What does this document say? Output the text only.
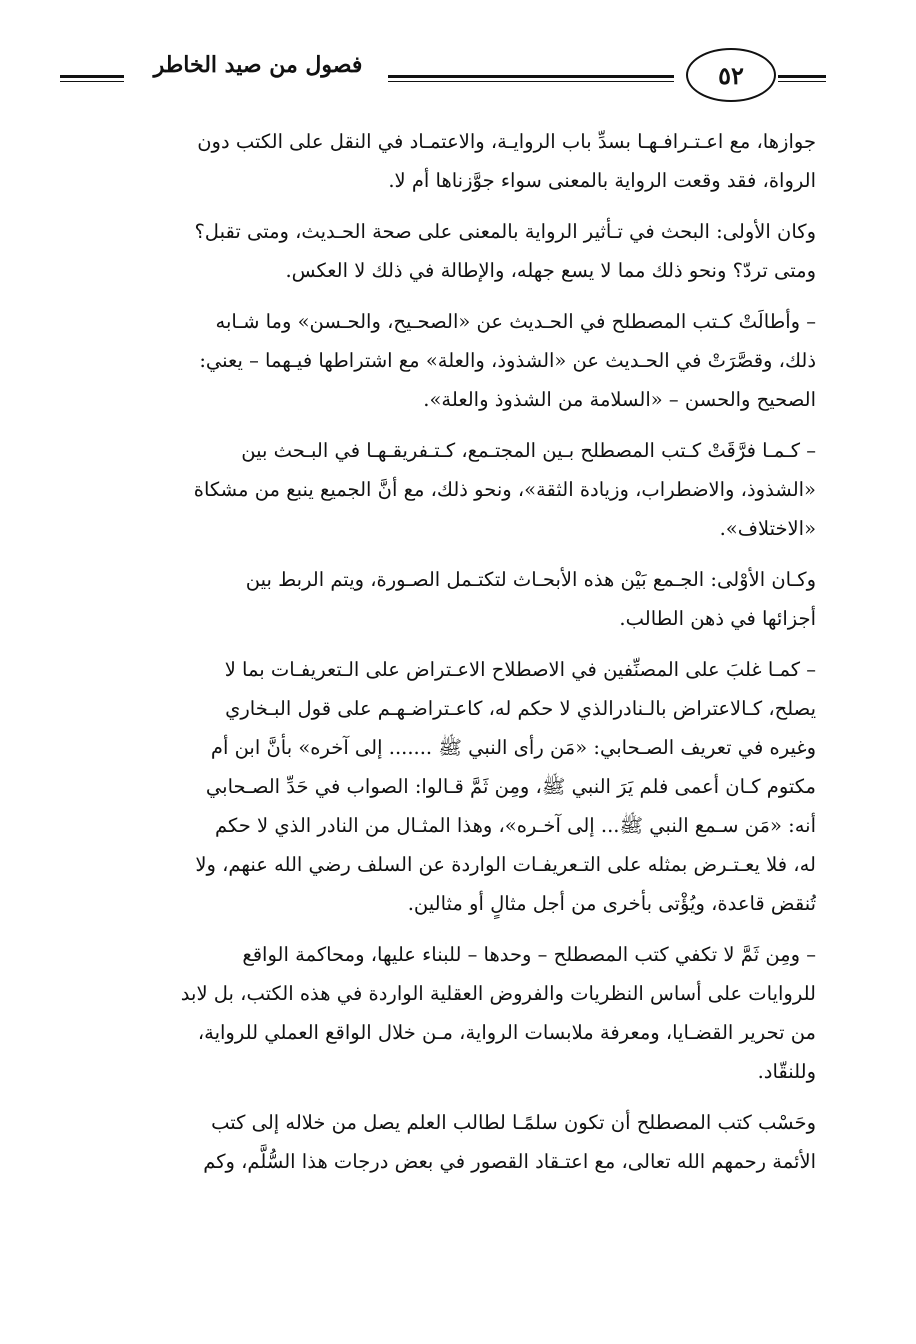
فصول من صيد الخاطر	٥٢

جوازها، مع اعـتـرافـهـا بسدِّ باب الروايـة، والاعتمـاد في النقل على الكتب دون
الرواة، فقد وقعت الرواية بالمعنى سواء جوَّزناها أم لا.

وكان الأولى: البحث في تـأثير الرواية بالمعنى على صحة الحـديث، ومتى تقبل؟
ومتى تردّ؟ ونحو ذلك مما لا يسع جهله، والإطالة في ذلك لا العكس.

– وأطالَتْ كـتب المصطلح في الحـديث عن «الصحـيح، والحـسن» وما شـابه
ذلك، وقصَّرَتْ في الحـديث عن «الشذوذ، والعلة» مع اشتراطها فيـهما – يعني:
الصحيح والحسن – «السلامة من الشذوذ والعلة».

– كـمـا فرَّقَتْ كـتب المصطلح بـين المجتـمع، كـتـفريقـهـا في البـحث بين
«الشذوذ، والاضطراب، وزيادة الثقة»، ونحو ذلك، مع أنَّ الجميع ينبع من مشكاة
«الاختلاف».

وكـان الأوْلى: الجـمع بَيْن هذه الأبحـاث لتكتـمل الصـورة، ويتم الربط بين
أجزائها في ذهن الطالب.

– كمـا غلبَ على المصنِّفين في الاصطلاح الاعـتراض على الـتعريفـات بما لا
يصلح، كـالاعتراض بالـنادرالذي لا حكم له، كاعـتراضـهـم على قول البـخاري
وغيره في تعريف الصـحابي: «مَن رأى النبي ﷺ ....... إلى آخره» بأنَّ ابن أم
مكتوم كـان أعمى فلم يَرَ النبي ﷺ، ومِن ثَمَّ قـالوا: الصواب في حَدِّ الصـحابي
أنه: «مَن سـمع النبي ﷺ... إلى آخـره»، وهذا المثـال من النادر الذي لا حكم
له، فلا يعـتـرض بمثله على التـعريفـات الواردة عن السلف رضي الله عنهم، ولا
تُنقض قاعدة، ويُؤْتى بأخرى من أجل مثالٍ أو مثالين.

– ومِن ثَمَّ لا تكفي كتب المصطلح – وحدها – للبناء عليها، ومحاكمة الواقع
للروايات على أساس النظريات والفروض العقلية الواردة في هذه الكتب، بل لابد
من تحرير القضـايا، ومعرفة ملابسات الرواية، مـن خلال الواقع العملي للرواية،
وللنقّاد.

وحَسْب كتب المصطلح أن تكون سلمًـا لطالب العلم يصل من خلاله إلى كتب
الأئمة رحمهم الله تعالى، مع اعتـقاد القصور في بعض درجات هذا السُّلَّم، وكم
